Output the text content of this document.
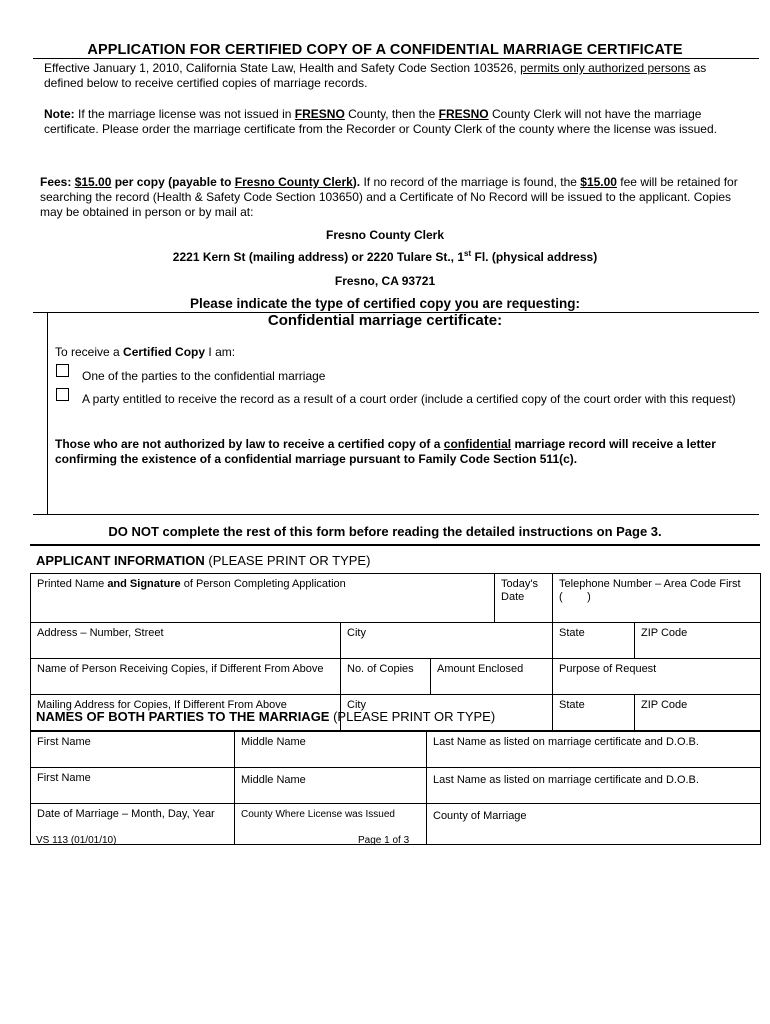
APPLICATION FOR CERTIFIED COPY OF A CONFIDENTIAL MARRIAGE CERTIFICATE
Effective January 1, 2010, California State Law, Health and Safety Code Section 103526, permits only authorized persons as defined below to receive certified copies of marriage records.
Note: If the marriage license was not issued in FRESNO County, then the FRESNO County Clerk will not have the marriage certificate. Please order the marriage certificate from the Recorder or County Clerk of the county where the license was issued.
Fees: $15.00 per copy (payable to Fresno County Clerk). If no record of the marriage is found, the $15.00 fee will be retained for searching the record (Health & Safety Code Section 103650) and a Certificate of No Record will be issued to the applicant. Copies may be obtained in person or by mail at:
Fresno County Clerk
2221 Kern St (mailing address) or 2220 Tulare St., 1st Fl. (physical address)
Fresno, CA 93721
Please indicate the type of certified copy you are requesting:
Confidential marriage certificate:
To receive a Certified Copy I am:
One of the parties to the confidential marriage
A party entitled to receive the record as a result of a court order (include a certified copy of the court order with this request)
Those who are not authorized by law to receive a certified copy of a confidential marriage record will receive a letter confirming the existence of a confidential marriage pursuant to Family Code Section 511(c).
DO NOT complete the rest of this form before reading the detailed instructions on Page 3.
APPLICANT INFORMATION (PLEASE PRINT OR TYPE)
Printed Name and Signature of Person Completing Application			Today's Date	Telephone Number – Area Code First
(        )	
Address – Number, Street	City			State	ZIP Code

Name of Person Receiving Copies, if Different From Above	No. of Copies	Amount Enclosed		Purpose of Request	

Mailing Address for Copies, If Different From Above	City			State	ZIP Code
NAMES OF BOTH PARTIES TO THE MARRIAGE (PLEASE PRINT OR TYPE)
First Name	Middle Name	Last Name as listed on marriage certificate and D.O.B.

First Name	Middle Name	Last Name as listed on marriage certificate and D.O.B.
Date of Marriage – Month, Day, Year	County Where License was Issued	County of Marriage
VS 113 (01/01/10)	Page 1 of 3
